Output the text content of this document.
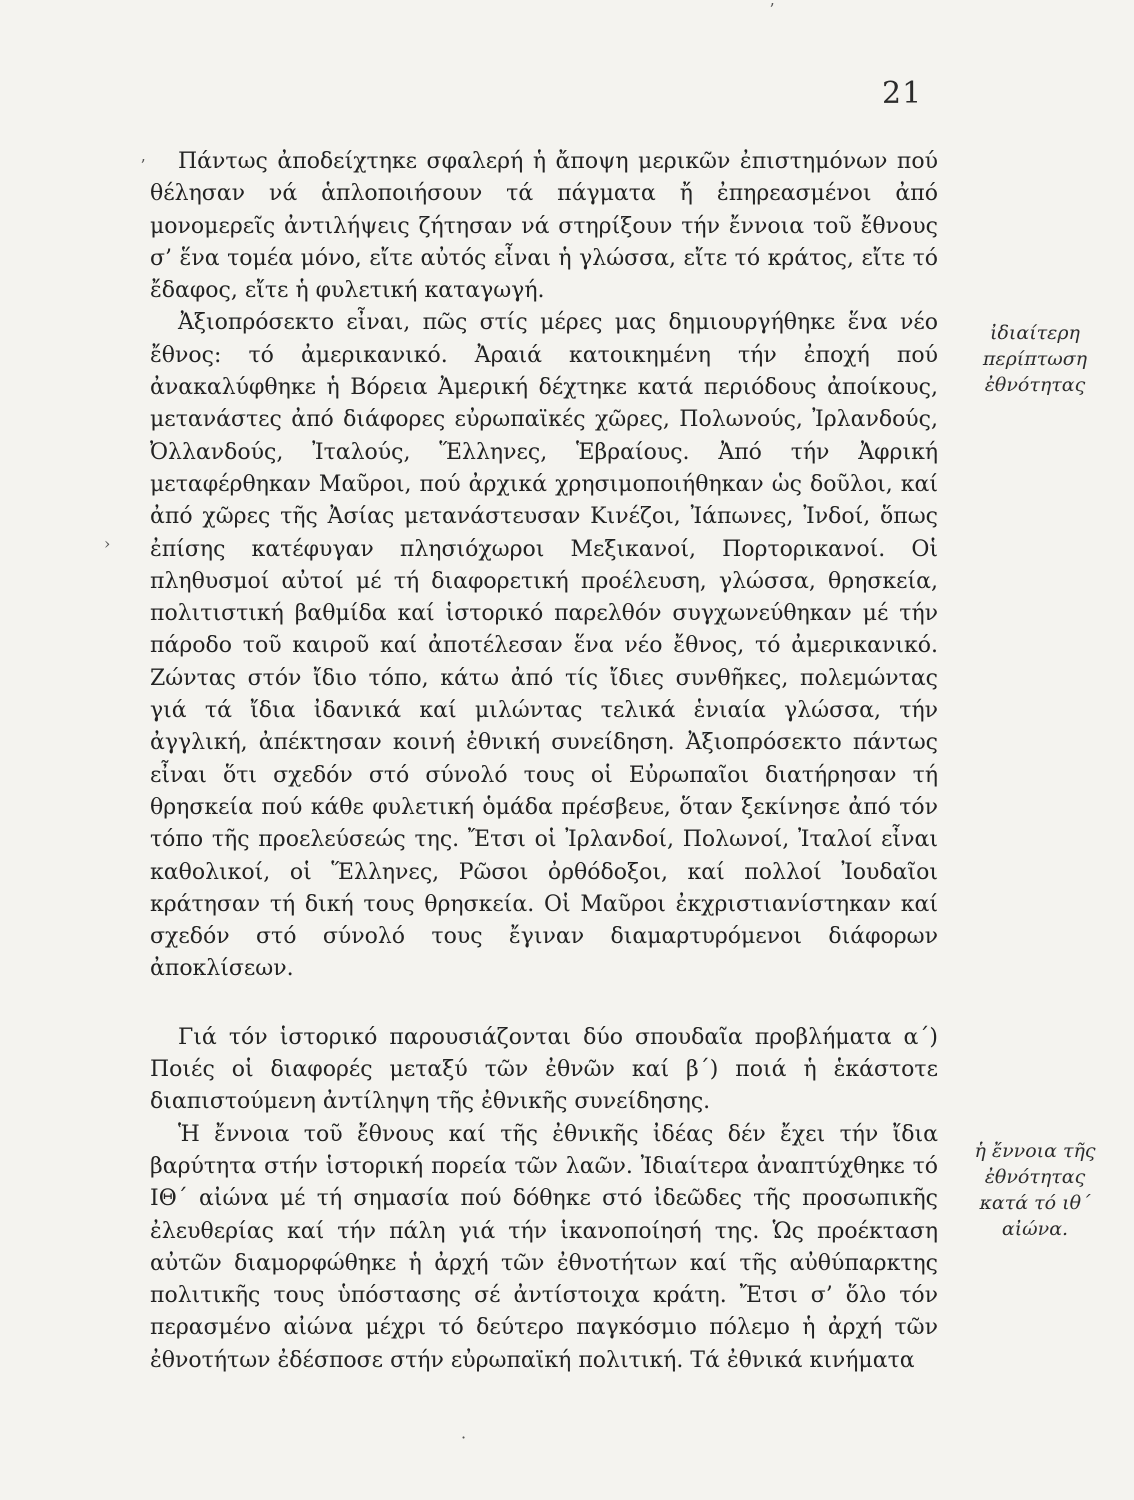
21
ʼ
›
ʼ
·

Πάντως ἀποδείχτηκε σφαλερή ἡ ἄποψη μερικῶν ἐπιστημόνων πού θέλησαν νά ἁπλοποιήσουν τά πάγματα ἤ ἐπηρεασμένοι ἀπό μονομερεῖς ἀντιλήψεις ζήτησαν νά στηρίξουν τήν ἔννοια τοῦ ἔθνους σ’ ἕνα τομέα μόνο, εἴτε αὐτός εἶναι ἡ γλώσσα, εἴτε τό κράτος, εἴτε τό ἔδαφος, εἴτε ἡ φυλετική καταγωγή.

Ἀξιοπρόσεκτο εἶναι, πῶς στίς μέρες μας δημιουργήθηκε ἕνα νέο ἔθνος: τό ἀμερικανικό. Ἀραιά κατοικημένη τήν ἐποχή πού ἀνακαλύφθηκε ἡ Βόρεια Ἀμερική δέχτηκε κατά περιόδους ἀποίκους, μετανάστες ἀπό διάφορες εὐρωπαϊκές χῶρες, Πολωνούς, Ἰρλανδούς, Ὀλλανδούς, Ἰταλούς, Ἕλληνες, Ἑβραίους. Ἀπό τήν Ἀφρική μεταφέρθηκαν Μαῦροι, πού ἀρχικά χρησιμοποιήθηκαν ὡς δοῦλοι, καί ἀπό χῶρες τῆς Ἀσίας μετανάστευσαν Κινέζοι, Ἰάπωνες, Ἰνδοί, ὅπως ἐπίσης κατέφυγαν πλησιόχωροι Μεξικανοί, Πορτορικανοί. Οἱ πληθυσμοί αὐτοί μέ τή διαφορετική προέλευση, γλώσσα, θρησκεία, πολιτιστική βαθμίδα καί ἱστορικό παρελθόν συγχωνεύθηκαν μέ τήν πάροδο τοῦ καιροῦ καί ἀποτέλεσαν ἕνα νέο ἔθνος, τό ἀμερικανικό. Ζώντας στόν ἴδιο τόπο, κάτω ἀπό τίς ἴδιες συνθῆκες, πολεμώντας γιά τά ἴδια ἰδανικά καί μιλώντας τελικά ἑνιαία γλώσσα, τήν ἀγγλική, ἀπέκτησαν κοινή ἐθνική συνείδηση. Ἀξιοπρόσεκτο πάντως εἶναι ὅτι σχεδόν στό σύνολό τους οἱ Εὐρωπαῖοι διατήρησαν τή θρησκεία πού κάθε φυλετική ὁμάδα πρέσβευε, ὅταν ξεκίνησε ἀπό τόν τόπο τῆς προελεύσεώς της. Ἔτσι οἱ Ἰρλανδοί, Πολωνοί, Ἰταλοί εἶναι καθολικοί, οἱ Ἕλληνες, Ρῶσοι ὀρθόδοξοι, καί πολλοί Ἰουδαῖοι κράτησαν τή δική τους θρησκεία. Οἱ Μαῦροι ἐκχριστιανίστηκαν καί σχεδόν στό σύνολό τους ἔγιναν διαμαρτυρόμενοι διάφορων ἀποκλίσεων.

Γιά τόν ἱστορικό παρουσιάζονται δύο σπουδαῖα προβλήματα α΄) Ποιές οἱ διαφορές μεταξύ τῶν ἐθνῶν καί β΄) ποιά ἡ ἑκάστοτε διαπιστούμενη ἀντίληψη τῆς ἐθνικῆς συνείδησης.

Ἡ ἔννοια τοῦ ἔθνους καί τῆς ἐθνικῆς ἰδέας δέν ἔχει τήν ἴδια βαρύτητα στήν ἱστορική πορεία τῶν λαῶν. Ἰδιαίτερα ἀναπτύχθηκε τό ΙΘ΄ αἰώνα μέ τή σημασία πού δόθηκε στό ἰδεῶδες τῆς προσωπικῆς ἐλευθερίας καί τήν πάλη γιά τήν ἱκανοποίησή της. Ὡς προέκταση αὐτῶν διαμορφώθηκε ἡ ἀρχή τῶν ἐθνοτήτων καί τῆς αὐθύπαρκτης πολιτικῆς τους ὑπόστασης σέ ἀντίστοιχα κράτη. Ἔτσι σ’ ὅλο τόν περασμένο αἰώνα μέχρι τό δεύτερο παγκόσμιο πόλεμο ἡ ἀρχή τῶν ἐθνοτήτων ἐδέσποσε στήν εὐρωπαϊκή πολιτική. Τά ἐθνικά κινήματα

ἰδιαίτερη περίπτωση ἐθνότητας
ἡ ἔννοια τῆς ἐθνότητας κατά τό ιθ΄ αἰώνα.
